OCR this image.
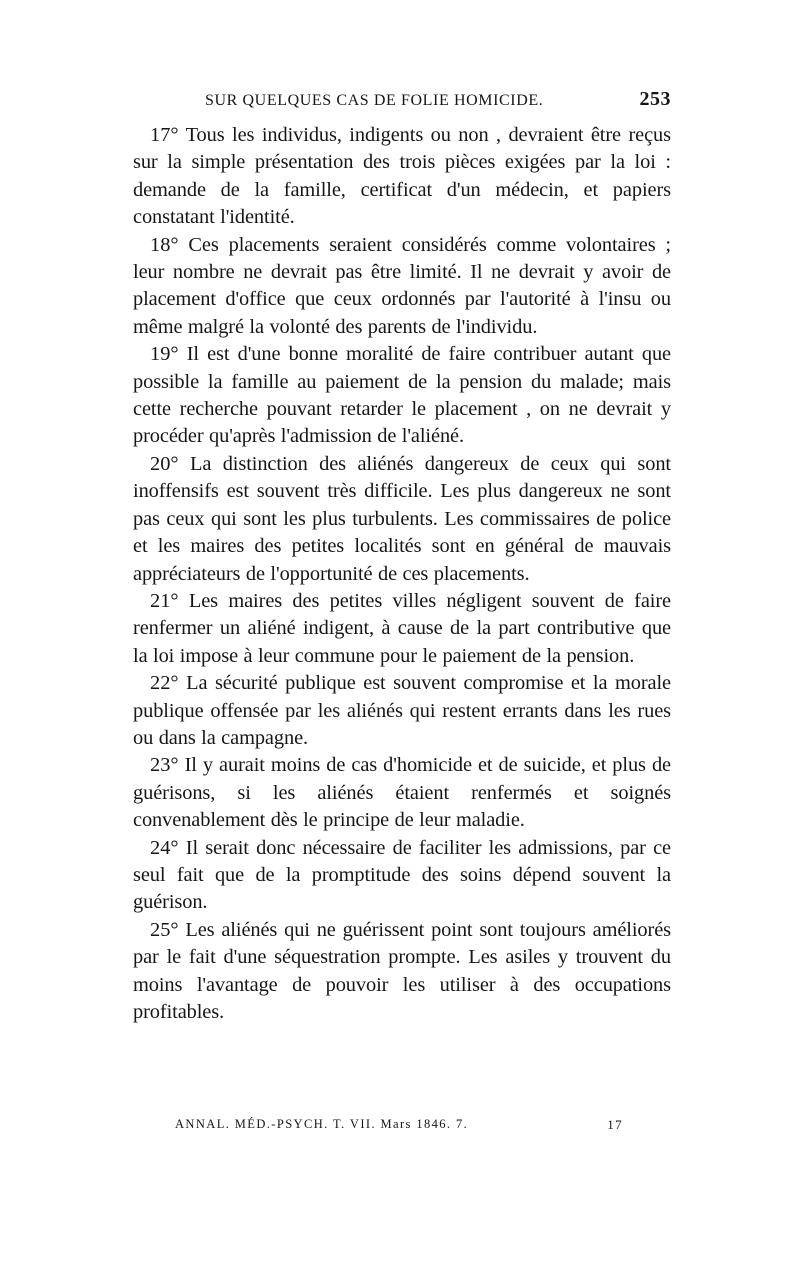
SUR QUELQUES CAS DE FOLIE HOMICIDE.	253

17° Tous les individus, indigents ou non , devraient être reçus sur la simple présentation des trois pièces exigées par la loi : demande de la famille, certificat d'un médecin, et papiers constatant l'identité.

18° Ces placements seraient considérés comme volontaires ; leur nombre ne devrait pas être limité. Il ne devrait y avoir de placement d'office que ceux ordonnés par l'autorité à l'insu ou même malgré la volonté des parents de l'individu.

19° Il est d'une bonne moralité de faire contribuer autant que possible la famille au paiement de la pension du malade; mais cette recherche pouvant retarder le placement , on ne devrait y procéder qu'après l'admission de l'aliéné.

20° La distinction des aliénés dangereux de ceux qui sont inoffensifs est souvent très difficile. Les plus dangereux ne sont pas ceux qui sont les plus turbulents. Les commissaires de police et les maires des petites localités sont en général de mauvais appréciateurs de l'opportunité de ces placements.

21° Les maires des petites villes négligent souvent de faire renfermer un aliéné indigent, à cause de la part contributive que la loi impose à leur commune pour le paiement de la pension.

22° La sécurité publique est souvent compromise et la morale publique offensée par les aliénés qui restent errants dans les rues ou dans la campagne.

23° Il y aurait moins de cas d'homicide et de suicide, et plus de guérisons, si les aliénés étaient renfermés et soignés convenablement dès le principe de leur maladie.

24° Il serait donc nécessaire de faciliter les admissions, par ce seul fait que de la promptitude des soins dépend souvent la guérison.

25° Les aliénés qui ne guérissent point sont toujours améliorés par le fait d'une séquestration prompte. Les asiles y trouvent du moins l'avantage de pouvoir les utiliser à des occupations profitables.

ANNAL. MÉD.-PSYCH. T. VII. Mars 1846. 7.	17
